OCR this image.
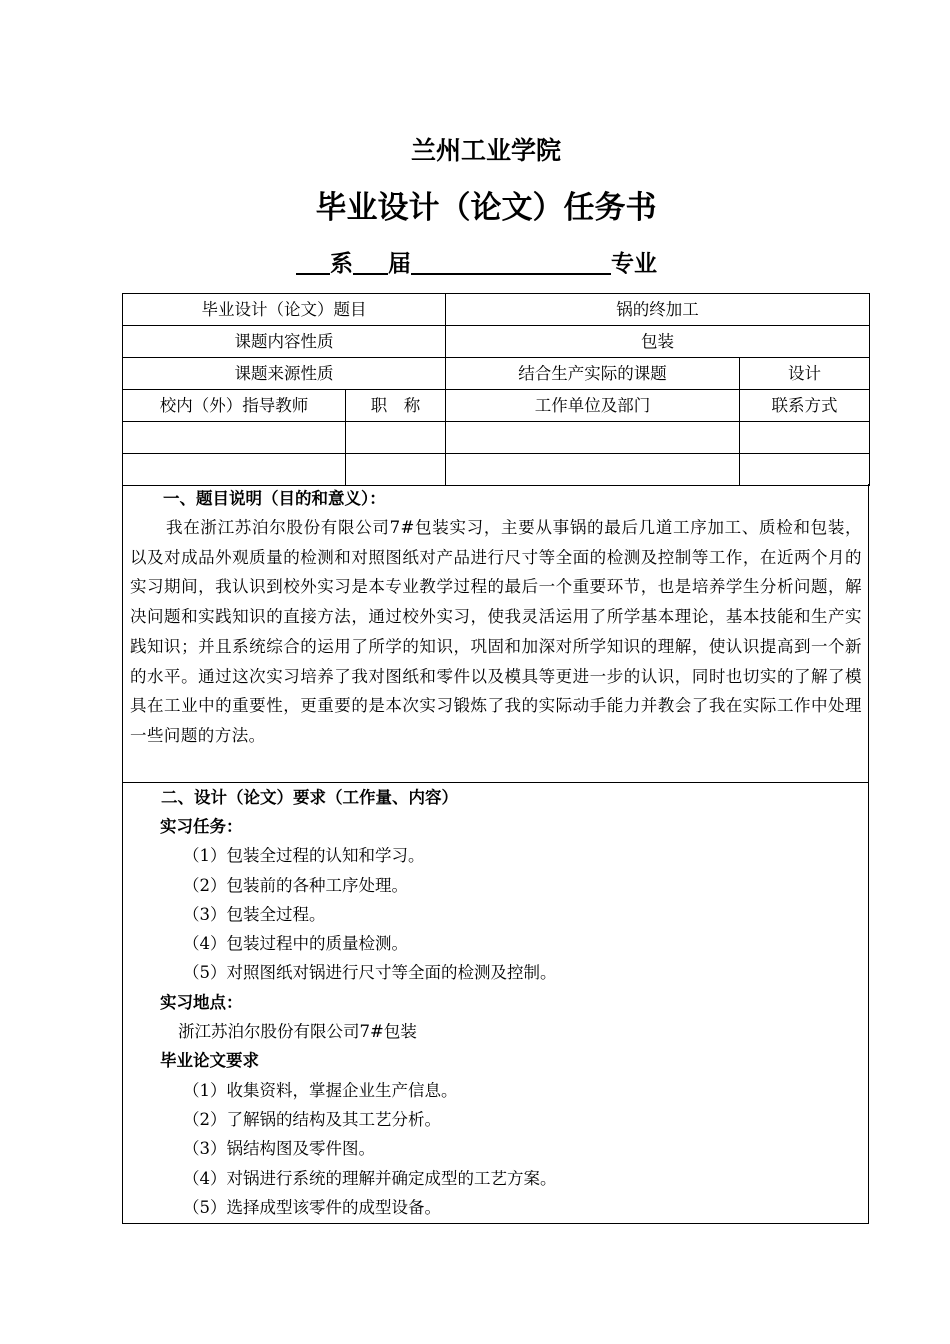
兰州工业学院
毕业设计（论文）任务书
系 届	专业
毕业设计（论文）题目		锅的终加工	
课题内容性质		包装	
课题来源性质		结合生产实际的课题	设计
校内（外）指导教师	职　称	工作单位及部门	联系方式

一、题目说明（目的和意义）：
我在浙江苏泊尔股份有限公司7#包装实习，主要从事锅的最后几道工序加工、质检和包装，以及对成品外观质量的检测和对照图纸对产品进行尺寸等全面的检测及控制等工作，在近两个月的实习期间，我认识到校外实习是本专业教学过程的最后一个重要环节，也是培养学生分析问题，解决问题和实践知识的直接方法，通过校外实习，使我灵活运用了所学基本理论，基本技能和生产实践知识；并且系统综合的运用了所学的知识，巩固和加深对所学知识的理解，使认识提高到一个新的水平。通过这次实习培养了我对图纸和零件以及模具等更进一步的认识，同时也切实的了解了模具在工业中的重要性，更重要的是本次实习锻炼了我的实际动手能力并教会了我在实际工作中处理一些问题的方法。
二、设计（论文）要求（工作量、内容）
实习任务：
（1）包装全过程的认知和学习。
（2）包装前的各种工序处理。
（3）包装全过程。
（4）包装过程中的质量检测。
（5）对照图纸对锅进行尺寸等全面的检测及控制。
实习地点：
浙江苏泊尔股份有限公司7#包装
毕业论文要求
（1）收集资料，掌握企业生产信息。
（2）了解锅的结构及其工艺分析。
（3）锅结构图及零件图。
（4）对锅进行系统的理解并确定成型的工艺方案。
（5）选择成型该零件的成型设备。
